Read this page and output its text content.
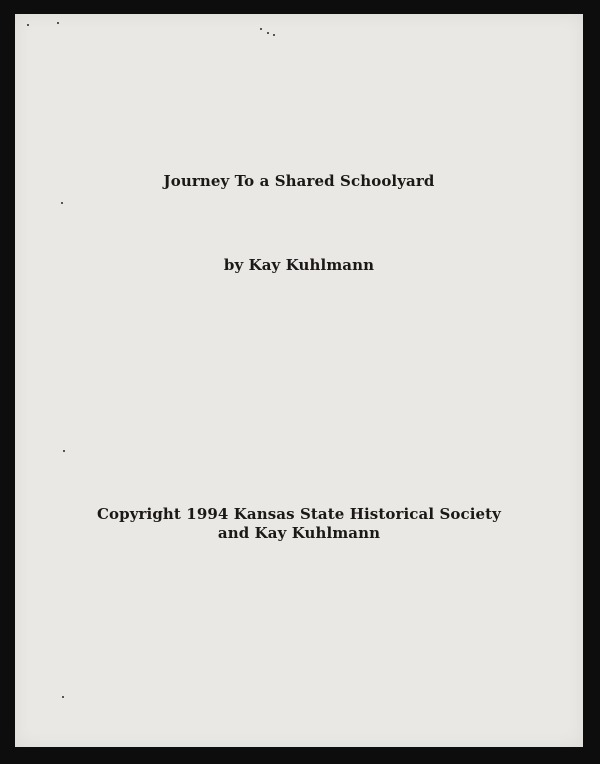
Journey To a Shared Schoolyard
by Kay Kuhlmann
Copyright 1994 Kansas State Historical Society
and Kay Kuhlmann
